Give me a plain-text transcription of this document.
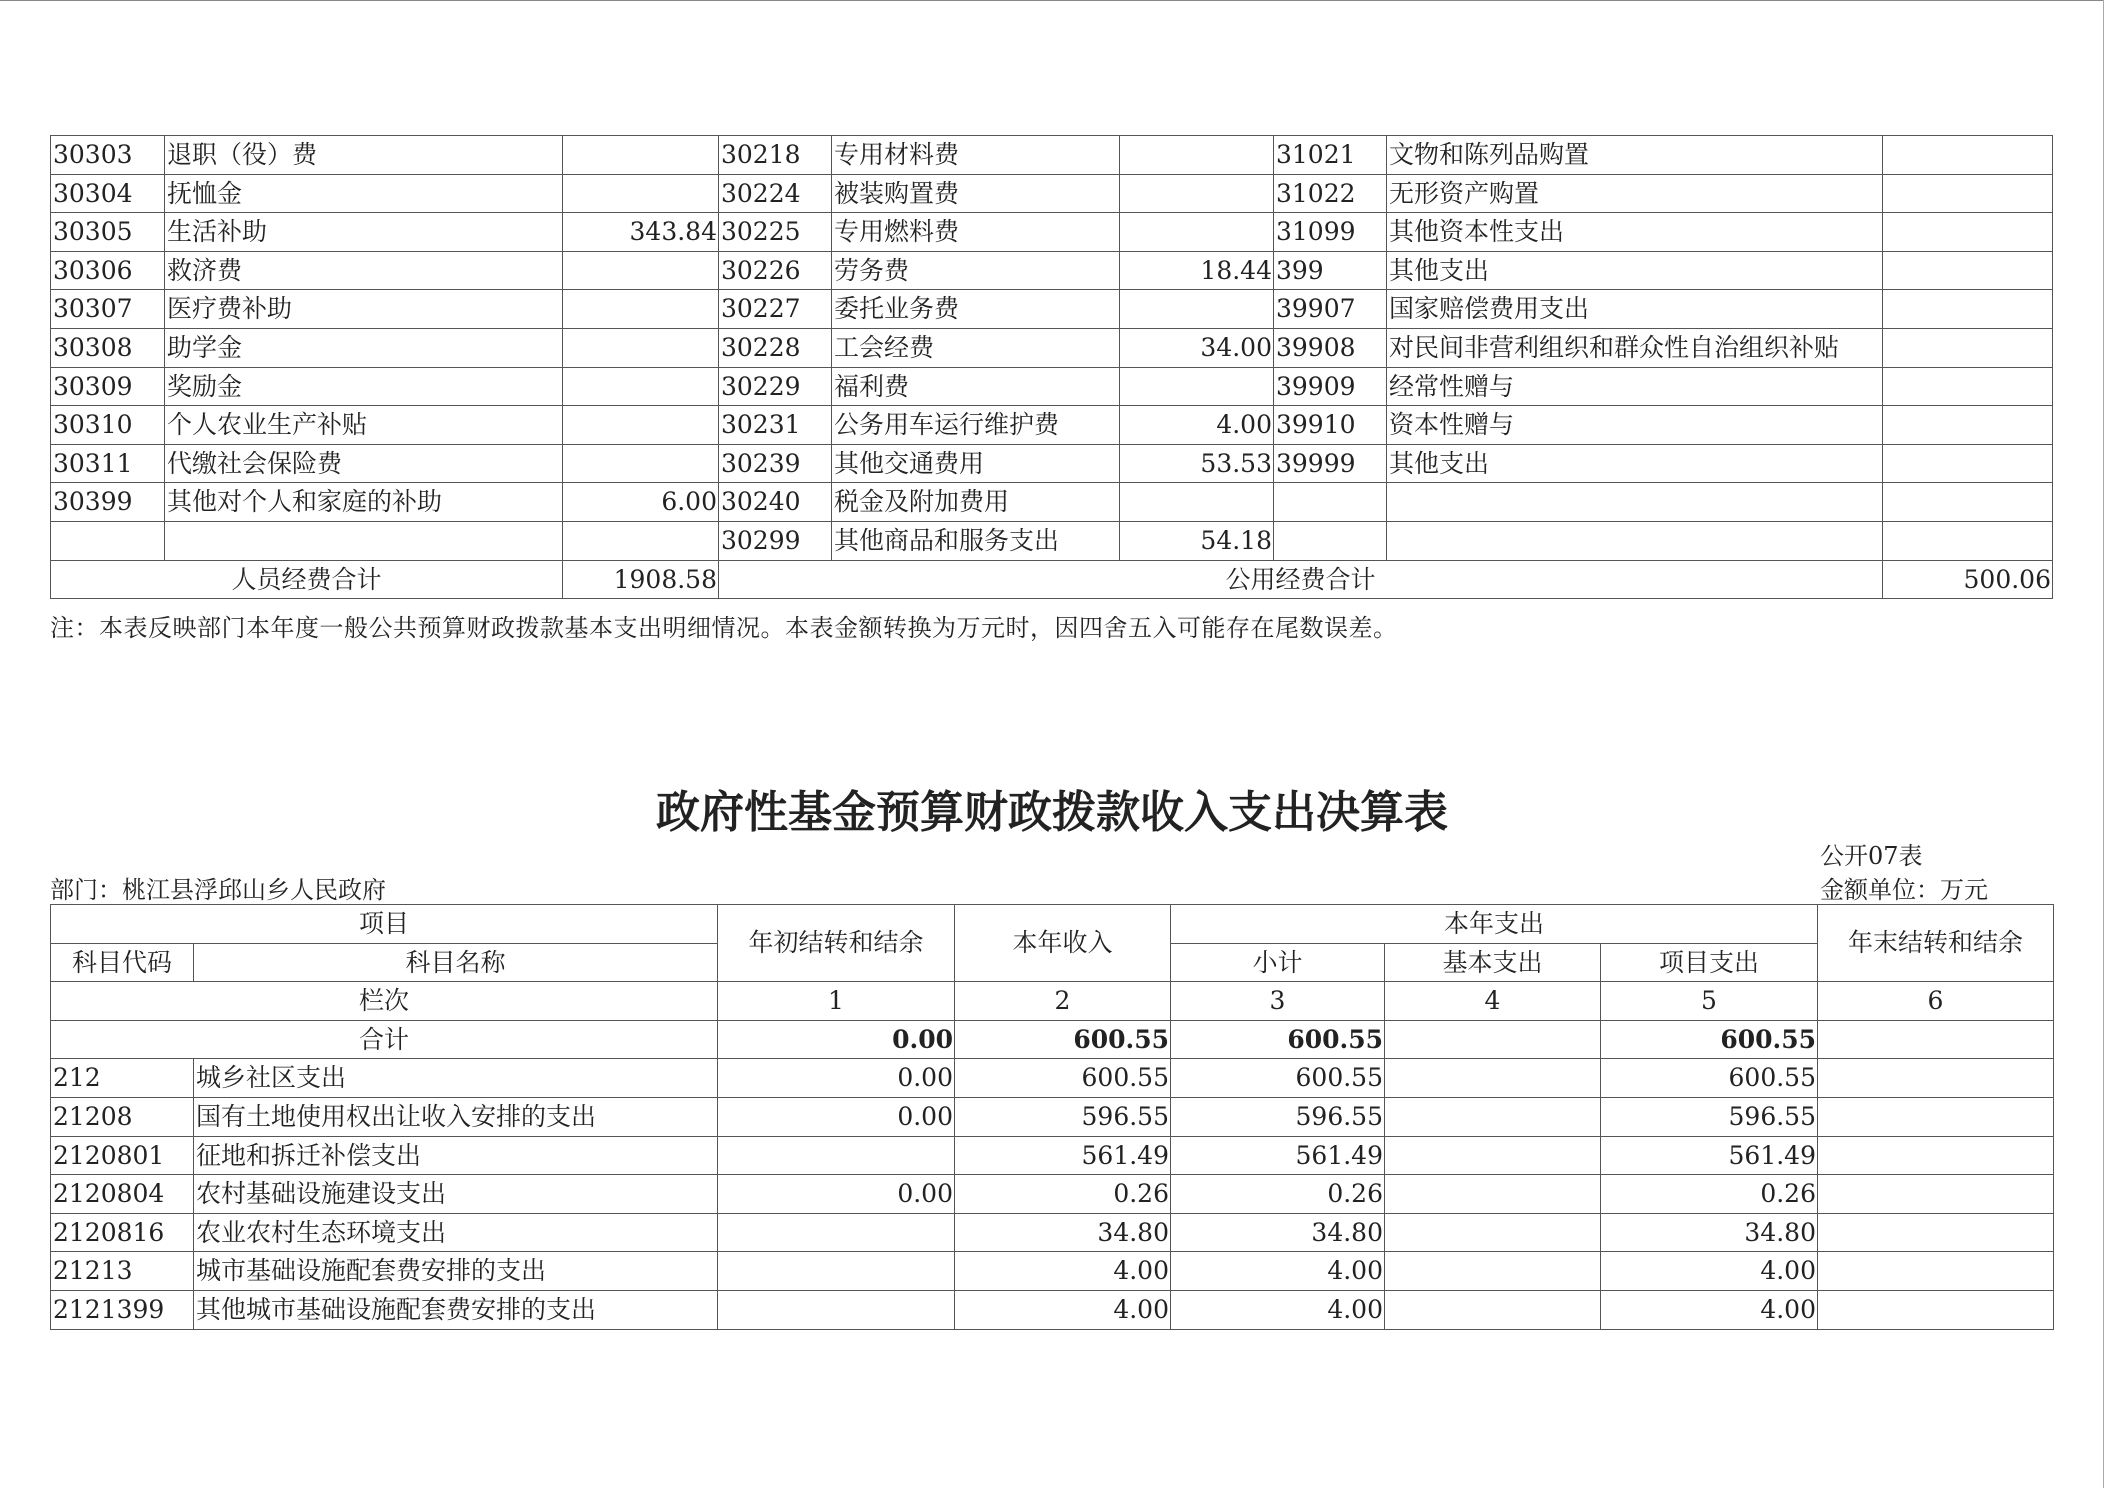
30303	退职（役）费		30218	专用材料费		31021	文物和陈列品购置	
30304	抚恤金		30224	被装购置费		31022	无形资产购置	
30305	生活补助	343.84	30225	专用燃料费		31099	其他资本性支出	
30306	救济费		30226	劳务费	18.44	399	其他支出	
30307	医疗费补助		30227	委托业务费		39907	国家赔偿费用支出	
30308	助学金		30228	工会经费	34.00	39908	对民间非营利组织和群众性自治组织补贴	
30309	奖励金		30229	福利费		39909	经常性赠与	
30310	个人农业生产补贴		30231	公务用车运行维护费	4.00	39910	资本性赠与	
30311	代缴社会保险费		30239	其他交通费用	53.53	39999	其他支出	
30399	其他对个人和家庭的补助	6.00	30240	税金及附加费用				
			30299	其他商品和服务支出	54.18			
人员经费合计		1908.58	公用经费合计					500.06
注：本表反映部门本年度一般公共预算财政拨款基本支出明细情况。本表金额转换为万元时，因四舍五入可能存在尾数误差。
政府性基金预算财政拨款收入支出决算表
公开07表
部门：桃江县浮邱山乡人民政府	金额单位：万元
项目		年初结转和结余	本年收入	本年支出			年末结转和结余
科目代码	科目名称			小计	基本支出	项目支出	
栏次		1	2	3	4	5	6
合计		0.00	600.55	600.55		600.55	
212	城乡社区支出	0.00	600.55	600.55		600.55	
21208	国有土地使用权出让收入安排的支出	0.00	596.55	596.55		596.55	
2120801	征地和拆迁补偿支出		561.49	561.49		561.49	
2120804	农村基础设施建设支出	0.00	0.26	0.26		0.26	
2120816	农业农村生态环境支出		34.80	34.80		34.80	
21213	城市基础设施配套费安排的支出		4.00	4.00		4.00	
2121399	其他城市基础设施配套费安排的支出		4.00	4.00		4.00	
